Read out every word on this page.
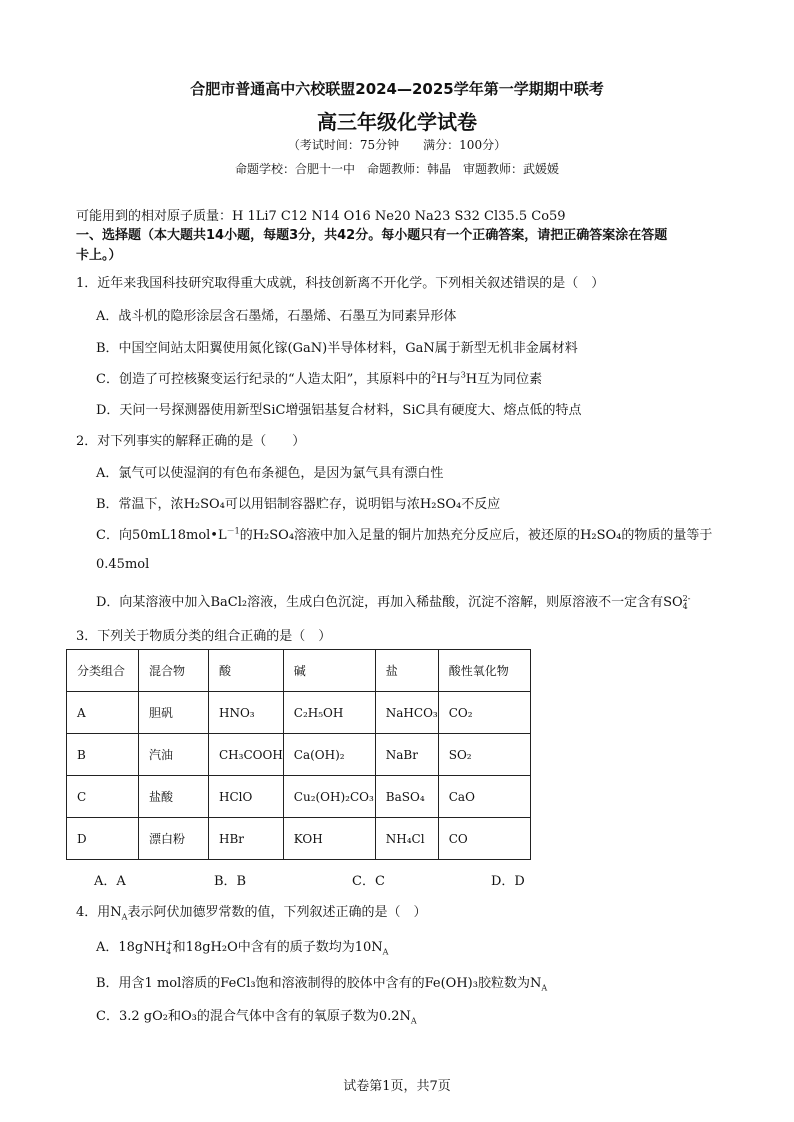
合肥市普通高中六校联盟2024—2025学年第一学期期中联考
高三年级化学试卷
（考试时间：75分钟　　满分：100分）
命题学校：合肥十一中　命题教师：韩晶　审题教师：武媛媛
可能用到的相对原子质量：H 1Li7 C12 N14 O16 Ne20 Na23 S32 Cl35.5 Co59
一、选择题（本大题共14小题，每题3分，共42分。每小题只有一个正确答案，请把正确答案涂在答题
卡上。）
1．近年来我国科技研究取得重大成就，科技创新离不开化学。下列相关叙述错误的是（　）
A．战斗机的隐形涂层含石墨烯，石墨烯、石墨互为同素异形体
B．中国空间站太阳翼使用氮化镓(GaN)半导体材料，GaN属于新型无机非金属材料
C．创造了可控核聚变运行纪录的“人造太阳”，其原料中的$^2$H与$^3$H互为同位素
D．天问一号探测器使用新型SiC增强铝基复合材料，SiC具有硬度大、熔点低的特点
2．对下列事实的解释正确的是（　　）
A．氯气可以使湿润的有色布条褪色，是因为氯气具有漂白性
B．常温下，浓H₂SO₄可以用铝制容器贮存，说明铝与浓H₂SO₄不反应
C．向$50mL18mol•L^{-1}$的H₂SO₄溶液中加入足量的铜片加热充分反应后，被还原的H₂SO₄的物质的量等于
0.45mol
D．向某溶液中加入BaCl₂溶液，生成白色沉淀，再加入稀盐酸，沉淀不溶解，则原溶液不一定含有SO 2-
4
3．下列关于物质分类的组合正确的是（　）
分类组合	混合物	酸	碱	盐	酸性氧化物
A	胆矾	HNO₃	C₂H₅OH	NaHCO₃	CO₂
B	汽油	CH₃COOH	Ca(OH)₂	NaBr	SO₂
C	盐酸	HClO	Cu₂(OH)₂CO₃	BaSO₄	CaO
D	漂白粉	HBr	KOH	NH₄Cl	CO
A．A	B．B	C．C	D．D
4．用$N_A$表示阿伏加德罗常数的值，下列叙述正确的是（　）
A．18gNH +
4 和18gH₂O中含有的质子数均为$10N_A$
B．用含1 mol溶质的FeCl₃饱和溶液制得的胶体中含有的Fe(OH)₃胶粒数为$N_A$
C．3.2 gO₂和O₃的混合气体中含有的氧原子数为$0.2N_A$
试卷第1页，共7页
